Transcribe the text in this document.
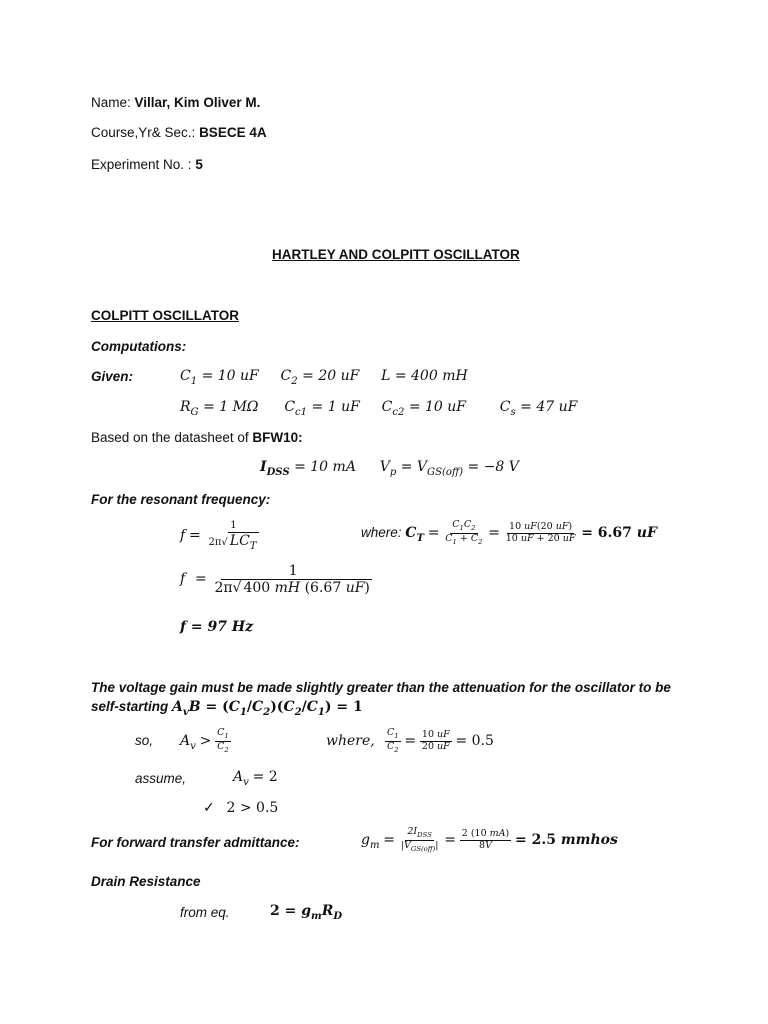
Name: Villar, Kim Oliver M.
Course,Yr& Sec.: BSECE 4A
Experiment No. : 5
HARTLEY AND COLPITT OSCILLATOR
COLPITT OSCILLATOR
Computations:
Given:	$C_1 = 10$ uF $C_2 = 20$ uF L = 400 mH
$R_G = 1$ MΩ $C_{c1} = 1$ uF $C_{c2} = 10$ uF $C_s = 47$ uF
Based on the datasheet of BFW10:
$I_{DSS} = 10$ mA $V_p = V_{GS(off)} = -8$ V
For the resonant frequency:
$f = \frac{1}{2\pi√ LC_T}$	where: $C_T = \frac{C_1C_2}{C_1 + C_2} = \frac{10 uF(20 uF)}{10 uF + 20 uF} = 6.67$ uF
$f = \frac{1}{2\pi√ 400 mH (6.67 uF)}$
f = 97 Hz
The voltage gain must be made slightly greater than the attenuation for the oscillator to be
self-starting $A_vB = (C_1/C_2)(C_2/C_1) = 1$
so, $A_v > \frac{C_1}{C_2}$	where, $\frac{C_1}{C_2} = \frac{10 uF}{20 uF} = 0.5$
assume,	$A_v = 2$
✓ 2 > 0.5
For forward transfer admittance:	$g_m = \frac{2I_{DSS}}{|V_{GS(off)}|} = \frac{2 (10 mA)}{8V} = 2.5$ mmhos
Drain Resistance
from eq.	$2 = g_mR_D$
